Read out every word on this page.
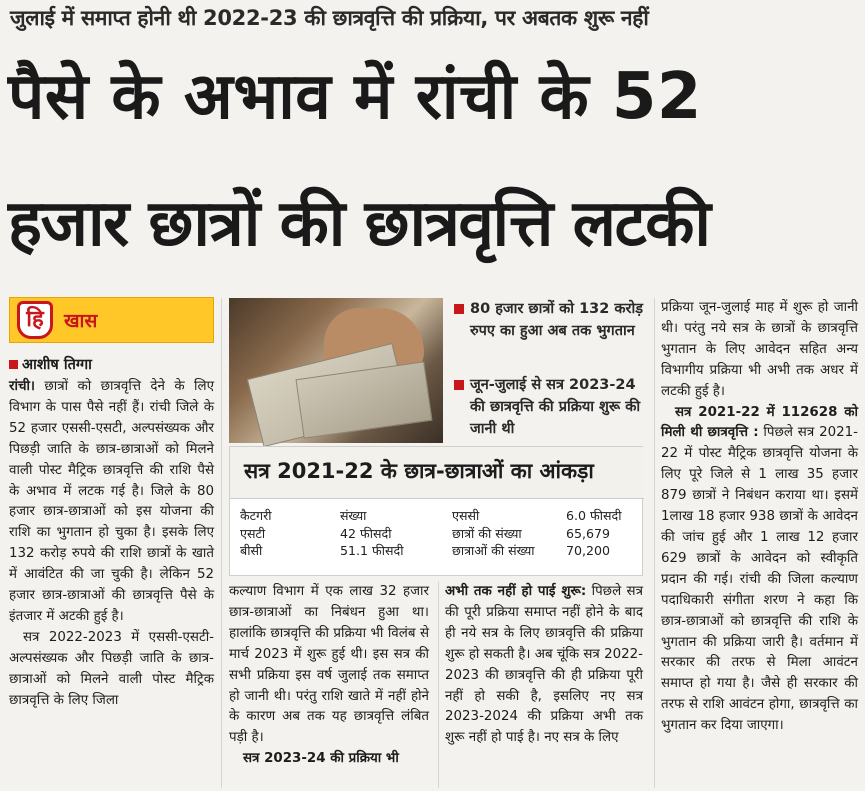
जुलाई में समाप्त होनी थी 2022-23 की छात्रवृत्ति की प्रक्रिया, पर अबतक शुरू नहीं
पैसे के अभाव में रांची के 52
हजार छात्रों की छात्रवृत्ति लटकी
हि	खास
आशीष तिग्गा

रांची। छात्रों को छात्रवृत्ति देने के लिए विभाग के पास पैसे नहीं हैं। रांची जिले के 52 हजार एससी-एसटी, अल्पसंख्यक और पिछड़ी जाति के छात्र-छात्राओं को मिलने वाली पोस्ट मैट्रिक छात्रवृत्ति की राशि पैसे के अभाव में लटक गई है। जिले के 80 हजार छात्र-छात्राओं को इस योजना की राशि का भुगतान हो चुका है। इसके लिए 132 करोड़ रुपये की राशि छात्रों के खाते में आवंटित की जा चुकी है। लेकिन 52 हजार छात्र-छात्राओं की छात्रवृत्ति पैसे के इंतजार में अटकी हुई है।

सत्र 2022-2023 में एससी-एसटी-अल्पसंख्यक और पिछड़ी जाति के छात्र-छात्राओं को मिलने वाली पोस्ट मैट्रिक छात्रवृत्ति के लिए जिला

80 हजार छात्रों को 132 करोड़ रुपए का हुआ अब तक भुगतान
जून-जुलाई से सत्र 2023-24 की छात्रवृत्ति की प्रक्रिया शुरू की जानी थी
सत्र 2021-22 के छात्र-छात्राओं का आंकड़ा
कैटगरी
एसटी
बीसी
संख्या
42 फीसदी
51.1 फीसदी
एससी
छात्रों की संख्या
छात्राओं की संख्या
6.0 फीसदी
65,679
70,200

कल्याण विभाग में एक लाख 32 हजार छात्र-छात्राओं का निबंधन हुआ था। हालांकि छात्रवृत्ति की प्रक्रिया भी विलंब से मार्च 2023 में शुरू हुई थी। इस सत्र की सभी प्रक्रिया इस वर्ष जुलाई तक समाप्त हो जानी थी। परंतु राशि खाते में नहीं होने के कारण अब तक यह छात्रवृत्ति लंबित पड़ी है।

सत्र 2023-24 की प्रक्रिया भी

अभी तक नहीं हो पाई शुरू: पिछले सत्र की पूरी प्रक्रिया समाप्त नहीं होने के बाद ही नये सत्र के लिए छात्रवृत्ति की प्रक्रिया शुरू हो सकती है। अब चूंकि सत्र 2022-2023 की छात्रवृत्ति की ही प्रक्रिया पूरी नहीं हो सकी है, इसलिए नए सत्र 2023-2024 की प्रक्रिया अभी तक शुरू नहीं हो पाई है। नए सत्र के लिए

प्रक्रिया जून-जुलाई माह में शुरू हो जानी थी। परंतु नये सत्र के छात्रों के छात्रवृत्ति भुगतान के लिए आवेदन सहित अन्य विभागीय प्रक्रिया भी अभी तक अधर में लटकी हुई है।

सत्र 2021-22 में 112628 को मिली थी छात्रवृत्ति : पिछले सत्र 2021-22 में पोस्ट मैट्रिक छात्रवृत्ति योजना के लिए पूरे जिले से 1 लाख 35 हजार 879 छात्रों ने निबंधन कराया था। इसमें 1लाख 18 हजार 938 छात्रों के आवेदन की जांच हुई और 1 लाख 12 हजार 629 छात्रों के आवेदन को स्वीकृति प्रदान की गई। रांची की जिला कल्याण पदाधिकारी संगीता शरण ने कहा कि छात्र-छात्राओं को छात्रवृत्ति की राशि के भुगतान की प्रक्रिया जारी है। वर्तमान में सरकार की तरफ से मिला आवंटन समाप्त हो गया है। जैसे ही सरकार की तरफ से राशि आवंटन होगा, छात्रवृत्ति का भुगतान कर दिया जाएगा।
